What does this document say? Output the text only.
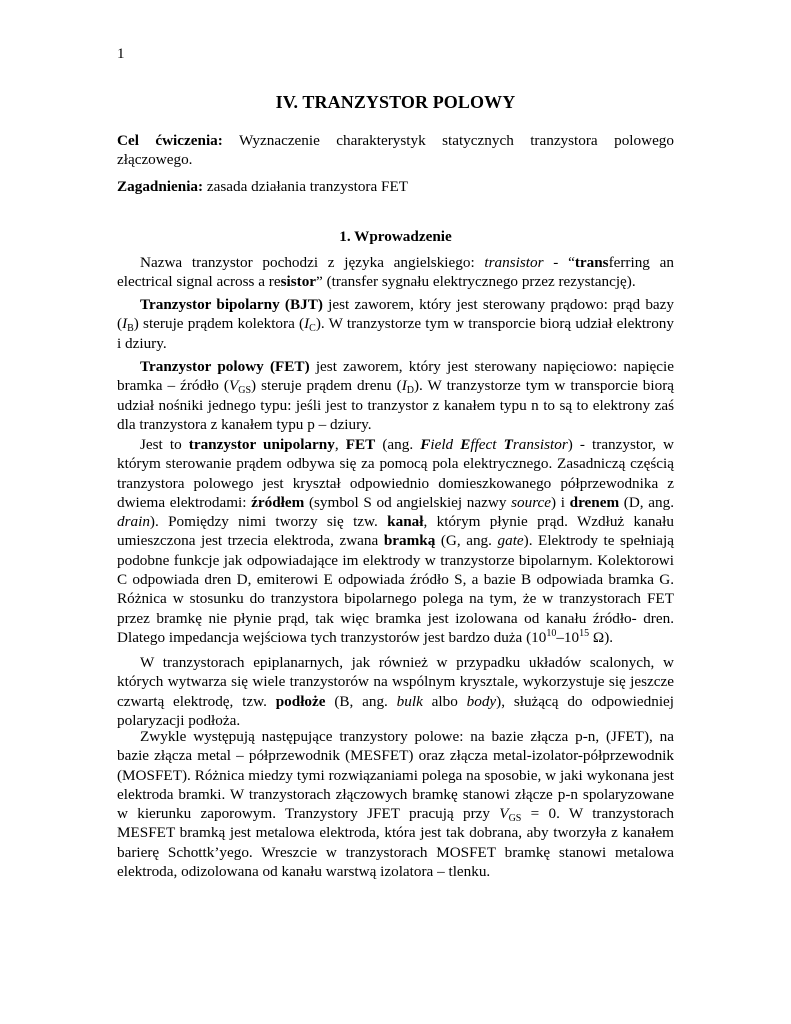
1
IV. TRANZYSTOR POLOWY

Cel ćwiczenia: Wyznaczenie charakterystyk statycznych tranzystora polowego złączowego.

Zagadnienia: zasada działania tranzystora FET

1. Wprowadzenie

Nazwa tranzystor pochodzi z języka angielskiego: transistor - “transferring an electrical signal across a resistor” (transfer sygnału elektrycznego przez rezystancję).

Tranzystor bipolarny (BJT) jest zaworem, który jest sterowany prądowo: prąd bazy $(I_B)$ steruje prądem kolektora $(I_C)$. W tranzystorze tym w transporcie biorą udział elektrony i dziury.

Tranzystor polowy (FET) jest zaworem, który jest sterowany napięciowo: napięcie bramka – źródło $(V_{GS})$ steruje prądem drenu $(I_D)$. W tranzystorze tym w transporcie biorą udział nośniki jednego typu: jeśli jest to tranzystor z kanałem typu n to są to elektrony zaś dla tranzystora z kanałem typu p – dziury.

Jest to tranzystor unipolarny, FET (ang. Field Effect Transistor) - tranzystor, w którym sterowanie prądem odbywa się za pomocą pola elektrycznego. Zasadniczą częścią tranzystora polowego jest kryształ odpowiednio domieszkowanego półprzewodnika z dwiema elektrodami: źródłem (symbol S od angielskiej nazwy source) i drenem (D, ang. drain). Pomiędzy nimi tworzy się tzw. kanał, którym płynie prąd. Wzdłuż kanału umieszczona jest trzecia elektroda, zwana bramką (G, ang. gate). Elektrody te spełniają podobne funkcje jak odpowiadające im elektrody w tranzystorze bipolarnym. Kolektorowi C odpowiada dren D, emiterowi E odpowiada źródło S, a bazie B odpowiada bramka G. Różnica w stosunku do tranzystora bipolarnego polega na tym, że w tranzystorach FET przez bramkę nie płynie prąd, tak więc bramka jest izolowana od kanału źródło- dren. Dlatego impedancja wejściowa tych tranzystorów jest bardzo duża ($10^{10}-10^{15}$ Ω).

W tranzystorach epiplanarnych, jak również w przypadku układów scalonych, w których wytwarza się wiele tranzystorów na wspólnym krysztale, wykorzystuje się jeszcze czwartą elektrodę, tzw. podłoże (B, ang. bulk albo body), służącą do odpowiedniej polaryzacji podłoża.

Zwykle występują następujące tranzystory polowe: na bazie złącza p-n, (JFET), na bazie złącza metal – półprzewodnik (MESFET) oraz złącza metal-izolator-półprzewodnik (MOSFET). Różnica miedzy tymi rozwiązaniami polega na sposobie, w jaki wykonana jest elektroda bramki. W tranzystorach złączowych bramkę stanowi złącze p-n spolaryzowane w kierunku zaporowym. Tranzystory JFET pracują przy $V_{GS} = 0$. W tranzystorach MESFET bramką jest metalowa elektroda, która jest tak dobrana, aby tworzyła z kanałem barierę Schottk’yego. Wreszcie w tranzystorach MOSFET bramkę stanowi metalowa elektroda, odizolowana od kanału warstwą izolatora – tlenku.
